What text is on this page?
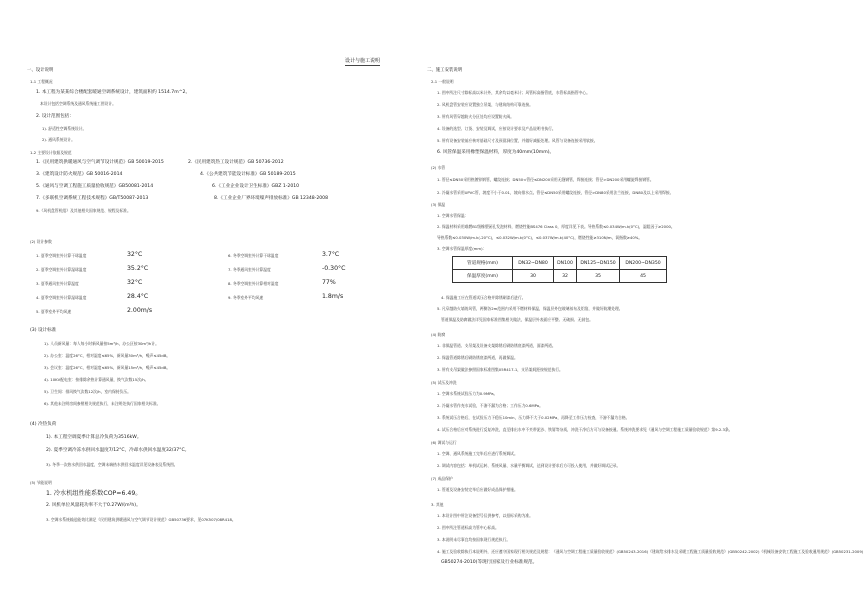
设计与施工说明
一、设计说明
1-1 工程概况
1. 本工程为某某综合楼配套暖通空调系统设计，建筑面积约 1514.7m^2。
本设计包括空调系统及通风系统施工图设计。
2. 设计范围包括：
1). 舒适性空调系统设计。
2). 通风系统设计。
1-2 主要设计依据及规范
1.《民用建筑供暖通风与空气调节设计规范》GB 50019-2015	2.《民用建筑热工设计规范》GB 50736-2012
3.《建筑设计防火规范》GB 50016-2014	4.《公共建筑节能设计标准》GB 50189-2015
5.《通风与空调工程施工质量验收规范》GB50081-2014	6.《工业企业设计卫生标准》GBZ 1-2010
7.《多联机空调系统工程技术规程》GB/T50087-2013	8.《工业企业厂界环境噪声排放标准》GB 12348-2008
9.《风机盘管机组》及其他相关国家规范、规程及标准。
(2) 设计参数
1. 夏季空调室外计算干球温度	32°C
2. 夏季空调室外计算湿球温度	35.2°C
3. 夏季通风室外计算温度	32°C
4. 夏季空调室外计算湿球温度	28.4°C
5. 夏季室外平均风速	2.00m/s
6. 冬季空调室外计算干球温度	3.7°C
7. 冬季通风室外计算温度	-0.30°C
8. 冬季空调室外计算相对湿度	77%
9. 冬季室外平均风速	1.8m/s
(3) 设计标准
1). 人员新风量：每人每小时新风量按5m³/h，办公区按30m³/h计。
2). 办公室：温度26°C，相对湿度≤65%，新风量30m³/h，噪声≤45dB。
3). 会议室：温度26°C，相对湿度≤65%，新风量15m³/h，噪声≤45dB。
4). 10KV配电室：按排除余热计算通风量，换气次数15次/h。
5). 卫生间：排风换气次数12次/h，室内保持负压。
6). 其他未注明房间参照相关规范执行，未注明处执行国家相关标准。
(4) 冷热负荷
1). 本工程空调夏季计算总冷负荷为3516kW。
2). 夏季空调冷冻水供回水温度7/12°C，冷却水供回水温度32/37°C。
3). 冬季一次热水供回水温度，空调末端热水供回水温度详见设备表及系统图。
(5) 节能说明
1. 冷水机组性能系数COP=6.49。
2. 风机单位风量耗功率不大于0.27W/(m³h)。
3. 空调水系统输送能效比满足《民用建筑供暖通风与空气调节设计规范》GB50736要求，见07K507/08R418。
二、施工安装说明
2-1 一般说明
1. 图中所注尺寸除标高以米计外，其余均以毫米计；风管标高指管底，水管标高指管中心。
2. 风机盘管安装应设置独立吊架，与建筑结构可靠连接。
3. 所有风管穿越防火分区处均应设置防火阀。
4. 设备的选型、订货、安装及调试，应按设计要求及产品说明书执行。
5. 所有设备安装前应核对基础尺寸及预留洞位置，并做好减振处理。风管与设备连接采用软接。
6. 风管保温采用橡塑保温材料，厚度为40mm(10mm)。
(2) 水管
1. 管径≤DN50采用热镀锌钢管，螺纹连接；DN50<管径≤DN200采用无缝钢管，焊接连接；管径>DN200采用螺旋焊接钢管。
2. 冷凝水管采用UPVC管，坡度不小于0.01，坡向排水点。管径≤DN50采用螺纹连接，管径>DN80采用法兰连接，DN80及以上采用焊接。
(3) 保温
1. 空调水管保温：
2. 保温材料采用难燃B1级橡塑闭孔发泡材料，燃烧性能BS476 Class 0，厚度详见下表。导热系数≤0.034W/m.k(0°C)，湿阻因子≥2000。
导热系数≤0.030W/m.k(-20°C)，≤0.032W/m.k(0°C)，≤0.037W/m.k(40°C)，燃烧性能≥310N/m，氧指数≥40%。
3. 空调水管保温厚度(mm)：
管道规格(mm)	DN32~DN80	DN100	DN125~DN150	DN200~DN350
保温厚度(mm)	30	32	35	45
4. 保温施工应在管道试压合格并除锈刷漆后进行。
5. 凡穿越防火墙的风管，两侧各2m范围内采用不燃材料保温，保温层外包玻璃丝布及铝箔，并做好防潮处理。
管道保温及防腐做法详见国家标准图集相关做法，保温层外表面应平整、无破损、无鼓包。
(4) 防腐
1. 非保温管道、支吊架及设备支架除锈后刷防锈底漆两道，面漆两道。
2. 保温管道除锈后刷防锈底漆两道，再做保温。
3. 所有支吊架做法参照国家标准图集05R417-1，支吊架间距按规范执行。
(5) 试压及冲洗
1. 空调水系统试验压力为0.9MPa。
2. 冷凝水管作充水试验，不渗不漏为合格；工作压力0.6MPa。
3. 系统试压合格后，在试验压力下稳压10min，压力降不大于0.02MPa，再降至工作压力检查，不渗不漏为合格。
4. 试压合格后应对系统进行反复冲洗，直至排出水中不夹带泥沙、铁屑等杂质，冲洗干净后方可与设备接通。系统冲洗要求见《通风与空调工程施工质量验收规范》第9.2.3条。
(6) 调试与运行
1. 空调、通风系统施工完毕后应进行系统调试。
2. 调试内容包括：单机试运转、系统风量、水量平衡调试，达到设计要求后方可投入使用，并做好调试记录。
(7) 成品保护
1. 管道及设备安装完毕后应做好成品保护措施。
3. 其他
1. 本设计图中所注设备型号仅供参考，以招标采购为准。
2. 图中所注管道标高为管中心标高。
3. 本说明未尽事宜均按国家现行规范执行。
4. 施工及验收除执行本说明外，还应遵守国家现行相关规范及规程：《通风与空调工程施工质量验收规范》(GB50243-2016)《建筑给水排水及采暖工程施工质量验收规范》(GB50242-2002)《机械设备安装工程施工及验收通用规范》(GB50231-2009)
GB50274-2010)等现行国家及行业标准规范。
